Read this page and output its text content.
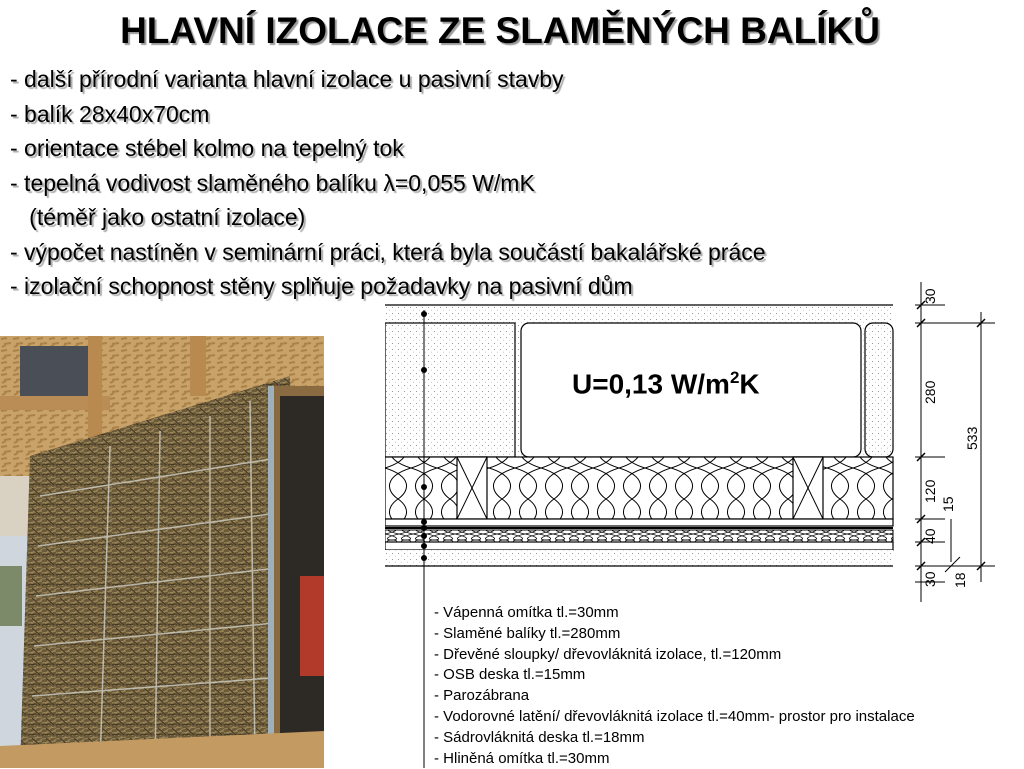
HLAVNÍ IZOLACE ZE SLAMĚNÝCH BALÍKŮ
- další přírodní varianta hlavní izolace u pasivní stavby
- balík 28x40x70cm
- orientace stébel kolmo na tepelný tok
- tepelná vodivost slaměného balíku λ=0,055 W/mK
(téměř jako ostatní izolace)
- výpočet nastíněn v seminární práci, která byla součástí bakalářské práce
- izolační schopnost stěny splňuje požadavky na pasivní dům	30
280
533
120
15
40
30 18
U=0,13 $W/m^2K$
- Vápenná omítka tl.=30mm
- Slaměné balíky tl.=280mm
- Dřevěné sloupky/ dřevovláknitá izolace, tl.=120mm
- OSB deska tl.=15mm
- Parozábrana
- Vodorovné latění/ dřevovláknitá izolace tl.=40mm- prostor pro instalace
- Sádrovláknitá deska tl.=18mm
- Hliněná omítka tl.=30mm
